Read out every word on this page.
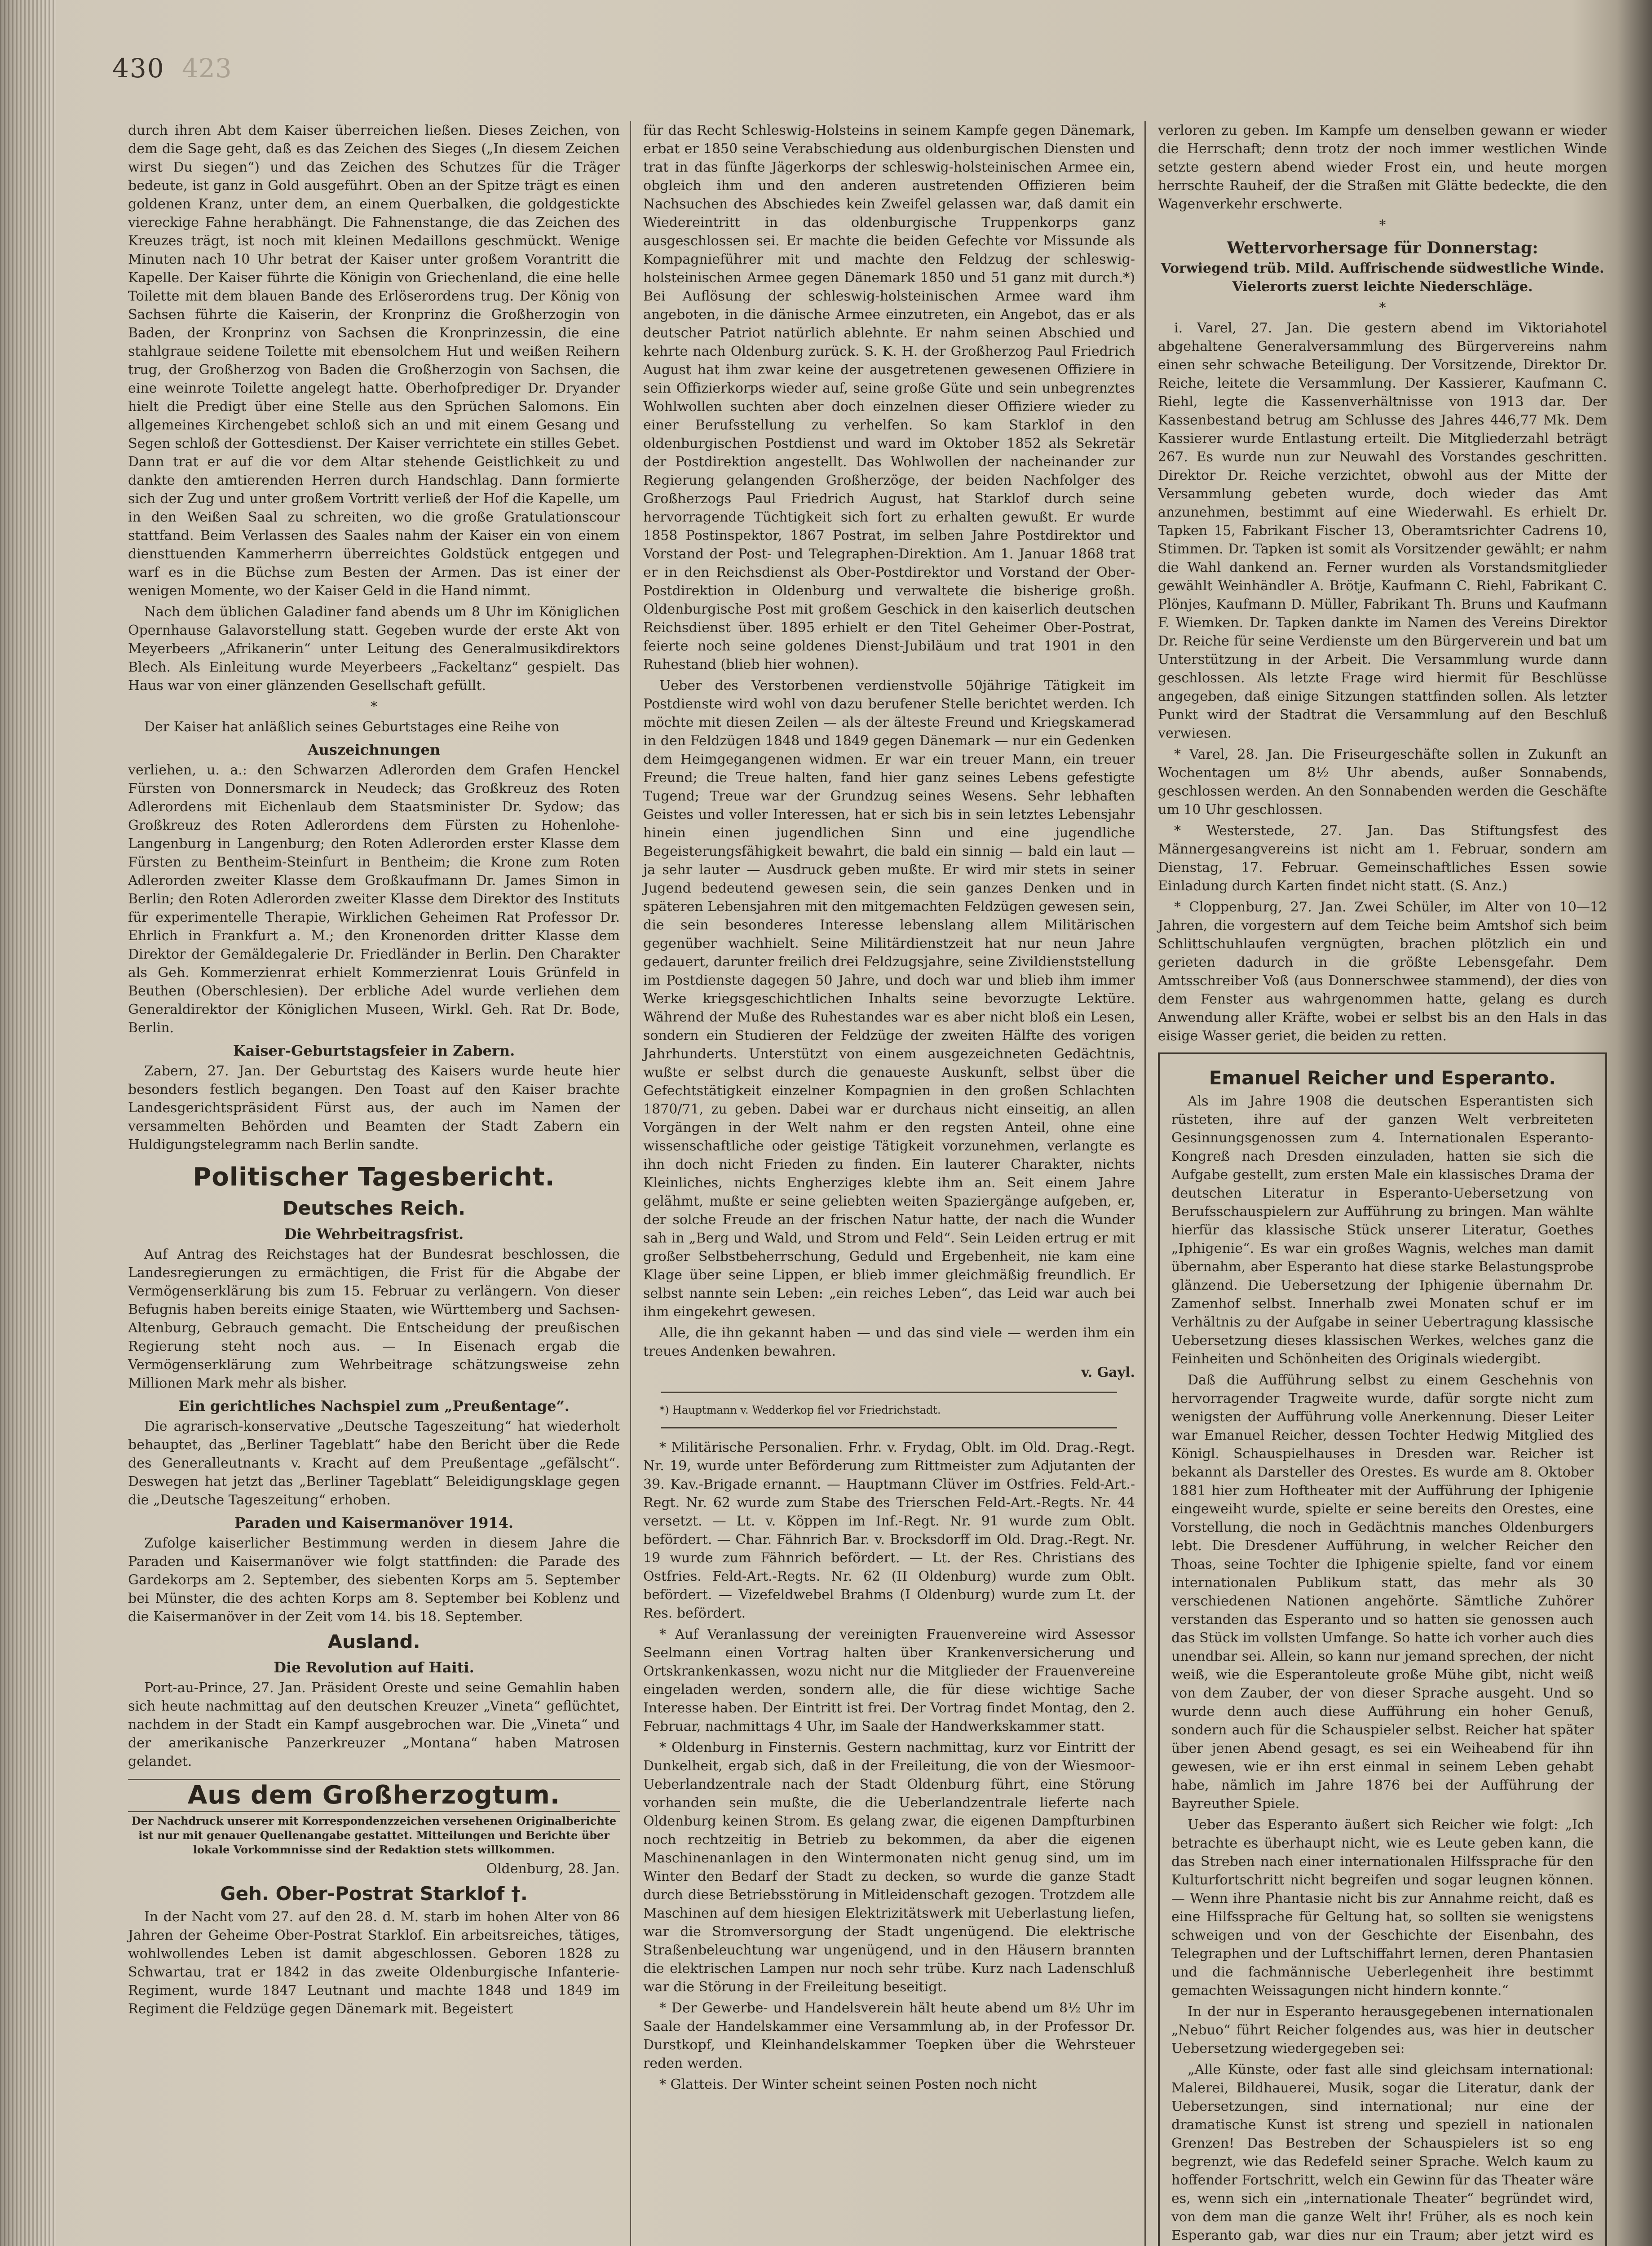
430 423

durch ihren Abt dem Kaiser überreichen ließen. Dieses Zeichen, von dem die Sage geht, daß es das Zeichen des Sieges („In diesem Zeichen wirst Du siegen“) und das Zeichen des Schutzes für die Träger bedeute, ist ganz in Gold ausgeführt. Oben an der Spitze trägt es einen goldenen Kranz, unter dem, an einem Querbalken, die goldgestickte viereckige Fahne herabhängt. Die Fahnenstange, die das Zeichen des Kreuzes trägt, ist noch mit kleinen Medaillons geschmückt. Wenige Minuten nach 10 Uhr betrat der Kaiser unter großem Vorantritt die Kapelle. Der Kaiser führte die Königin von Griechenland, die eine helle Toilette mit dem blauen Bande des Erlöserordens trug. Der König von Sachsen führte die Kaiserin, der Kronprinz die Großherzogin von Baden, der Kronprinz von Sachsen die Kronprinzessin, die eine stahlgraue seidene Toilette mit ebensolchem Hut und weißen Reihern trug, der Großherzog von Baden die Großherzogin von Sachsen, die eine weinrote Toilette angelegt hatte. Oberhofprediger Dr. Dryander hielt die Predigt über eine Stelle aus den Sprüchen Salomons. Ein allgemeines Kirchengebet schloß sich an und mit einem Gesang und Segen schloß der Gottesdienst. Der Kaiser verrichtete ein stilles Gebet. Dann trat er auf die vor dem Altar stehende Geistlichkeit zu und dankte den amtierenden Herren durch Handschlag. Dann formierte sich der Zug und unter großem Vortritt verließ der Hof die Kapelle, um in den Weißen Saal zu schreiten, wo die große Gratulationscour stattfand. Beim Verlassen des Saales nahm der Kaiser ein von einem diensttuenden Kammerherrn überreichtes Goldstück entgegen und warf es in die Büchse zum Besten der Armen. Das ist einer der wenigen Momente, wo der Kaiser Geld in die Hand nimmt.

Nach dem üblichen Galadiner fand abends um 8 Uhr im Königlichen Opernhause Galavorstellung statt. Gegeben wurde der erste Akt von Meyerbeers „Afrikanerin“ unter Leitung des Generalmusikdirektors Blech. Als Einleitung wurde Meyerbeers „Fackeltanz“ gespielt. Das Haus war von einer glänzenden Gesellschaft gefüllt.

*

Der Kaiser hat anläßlich seines Geburtstages eine Reihe von

Auszeichnungen

verliehen, u. a.: den Schwarzen Adlerorden dem Grafen Henckel Fürsten von Donnersmarck in Neudeck; das Großkreuz des Roten Adlerordens mit Eichenlaub dem Staatsminister Dr. Sydow; das Großkreuz des Roten Adlerordens dem Fürsten zu Hohenlohe-Langenburg in Langenburg; den Roten Adlerorden erster Klasse dem Fürsten zu Bentheim-Steinfurt in Bentheim; die Krone zum Roten Adlerorden zweiter Klasse dem Großkaufmann Dr. James Simon in Berlin; den Roten Adlerorden zweiter Klasse dem Direktor des Instituts für experimentelle Therapie, Wirklichen Geheimen Rat Professor Dr. Ehrlich in Frankfurt a. M.; den Kronenorden dritter Klasse dem Direktor der Gemäldegalerie Dr. Friedländer in Berlin. Den Charakter als Geh. Kommerzienrat erhielt Kommerzienrat Louis Grünfeld in Beuthen (Oberschlesien). Der erbliche Adel wurde verliehen dem Generaldirektor der Königlichen Museen, Wirkl. Geh. Rat Dr. Bode, Berlin.

Kaiser-Geburtstagsfeier in Zabern.

Zabern, 27. Jan. Der Geburtstag des Kaisers wurde heute hier besonders festlich begangen. Den Toast auf den Kaiser brachte Landesgerichtspräsident Fürst aus, der auch im Namen der versammelten Behörden und Beamten der Stadt Zabern ein Huldigungstelegramm nach Berlin sandte.

Politischer Tagesbericht.
Deutsches Reich.
Die Wehrbeitragsfrist.

Auf Antrag des Reichstages hat der Bundesrat beschlossen, die Landesregierungen zu ermächtigen, die Frist für die Abgabe der Vermögenserklärung bis zum 15. Februar zu verlängern. Von dieser Befugnis haben bereits einige Staaten, wie Württemberg und Sachsen-Altenburg, Gebrauch gemacht. Die Entscheidung der preußischen Regierung steht noch aus. — In Eisenach ergab die Vermögenserklärung zum Wehrbeitrage schätzungsweise zehn Millionen Mark mehr als bisher.

Ein gerichtliches Nachspiel zum „Preußentage“.

Die agrarisch-konservative „Deutsche Tageszeitung“ hat wiederholt behauptet, das „Berliner Tageblatt“ habe den Bericht über die Rede des Generalleutnants v. Kracht auf dem Preußentage „gefälscht“. Deswegen hat jetzt das „Berliner Tageblatt“ Beleidigungsklage gegen die „Deutsche Tageszeitung“ erhoben.

Paraden und Kaisermanöver 1914.

Zufolge kaiserlicher Bestimmung werden in diesem Jahre die Paraden und Kaisermanöver wie folgt stattfinden: die Parade des Gardekorps am 2. September, des siebenten Korps am 5. September bei Münster, die des achten Korps am 8. September bei Koblenz und die Kaisermanöver in der Zeit vom 14. bis 18. September.

Ausland.
Die Revolution auf Haiti.

Port-au-Prince, 27. Jan. Präsident Oreste und seine Gemahlin haben sich heute nachmittag auf den deutschen Kreuzer „Vineta“ geflüchtet, nachdem in der Stadt ein Kampf ausgebrochen war. Die „Vineta“ und der amerikanische Panzerkreuzer „Montana“ haben Matrosen gelandet.

Aus dem Großherzogtum.

Der Nachdruck unserer mit Korrespondenzzeichen versehenen Originalberichte ist nur mit genauer Quellenangabe gestattet. Mitteilungen und Berichte über lokale Vorkommnisse sind der Redaktion stets willkommen.

Oldenburg, 28. Jan.

Geh. Ober-Postrat Starklof †.

In der Nacht vom 27. auf den 28. d. M. starb im hohen Alter von 86 Jahren der Geheime Ober-Postrat Starklof. Ein arbeitsreiches, tätiges, wohlwollendes Leben ist damit abgeschlossen. Geboren 1828 zu Schwartau, trat er 1842 in das zweite Oldenburgische Infanterie-Regiment, wurde 1847 Leutnant und machte 1848 und 1849 im Regiment die Feldzüge gegen Dänemark mit. Begeistert

für das Recht Schleswig-Holsteins in seinem Kampfe gegen Dänemark, erbat er 1850 seine Verabschiedung aus oldenburgischen Diensten und trat in das fünfte Jägerkorps der schleswig-holsteinischen Armee ein, obgleich ihm und den anderen austretenden Offizieren beim Nachsuchen des Abschiedes kein Zweifel gelassen war, daß damit ein Wiedereintritt in das oldenburgische Truppenkorps ganz ausgeschlossen sei. Er machte die beiden Gefechte vor Missunde als Kompagnieführer mit und machte den Feldzug der schleswig-holsteinischen Armee gegen Dänemark 1850 und 51 ganz mit durch.*) Bei Auflösung der schleswig-holsteinischen Armee ward ihm angeboten, in die dänische Armee einzutreten, ein Angebot, das er als deutscher Patriot natürlich ablehnte. Er nahm seinen Abschied und kehrte nach Oldenburg zurück. S. K. H. der Großherzog Paul Friedrich August hat ihm zwar keine der ausgetretenen gewesenen Offiziere in sein Offizierkorps wieder auf, seine große Güte und sein unbegrenztes Wohlwollen suchten aber doch einzelnen dieser Offiziere wieder zu einer Berufsstellung zu verhelfen. So kam Starklof in den oldenburgischen Postdienst und ward im Oktober 1852 als Sekretär der Postdirektion angestellt. Das Wohlwollen der nacheinander zur Regierung gelangenden Großherzöge, der beiden Nachfolger des Großherzogs Paul Friedrich August, hat Starklof durch seine hervorragende Tüchtigkeit sich fort zu erhalten gewußt. Er wurde 1858 Postinspektor, 1867 Postrat, im selben Jahre Postdirektor und Vorstand der Post- und Telegraphen-Direktion. Am 1. Januar 1868 trat er in den Reichsdienst als Ober-Postdirektor und Vorstand der Ober-Postdirektion in Oldenburg und verwaltete die bisherige großh. Oldenburgische Post mit großem Geschick in den kaiserlich deutschen Reichsdienst über. 1895 erhielt er den Titel Geheimer Ober-Postrat, feierte noch seine goldenes Dienst-Jubiläum und trat 1901 in den Ruhestand (blieb hier wohnen).

Ueber des Verstorbenen verdienstvolle 50jährige Tätigkeit im Postdienste wird wohl von dazu berufener Stelle berichtet werden. Ich möchte mit diesen Zeilen — als der älteste Freund und Kriegskamerad in den Feldzügen 1848 und 1849 gegen Dänemark — nur ein Gedenken dem Heimgegangenen widmen. Er war ein treuer Mann, ein treuer Freund; die Treue halten, fand hier ganz seines Lebens gefestigte Tugend; Treue war der Grundzug seines Wesens. Sehr lebhaften Geistes und voller Interessen, hat er sich bis in sein letztes Lebensjahr hinein einen jugendlichen Sinn und eine jugendliche Begeisterungsfähigkeit bewahrt, die bald ein sinnig — bald ein laut — ja sehr lauter — Ausdruck geben mußte. Er wird mir stets in seiner Jugend bedeutend gewesen sein, die sein ganzes Denken und in späteren Lebensjahren mit den mitgemachten Feldzügen gewesen sein, die sein besonderes Interesse lebenslang allem Militärischen gegenüber wachhielt. Seine Militärdienstzeit hat nur neun Jahre gedauert, darunter freilich drei Feldzugsjahre, seine Zivildienststellung im Postdienste dagegen 50 Jahre, und doch war und blieb ihm immer Werke kriegsgeschichtlichen Inhalts seine bevorzugte Lektüre. Während der Muße des Ruhestandes war es aber nicht bloß ein Lesen, sondern ein Studieren der Feldzüge der zweiten Hälfte des vorigen Jahrhunderts. Unterstützt von einem ausgezeichneten Gedächtnis, wußte er selbst durch die genaueste Auskunft, selbst über die Gefechtstätigkeit einzelner Kompagnien in den großen Schlachten 1870/71, zu geben. Dabei war er durchaus nicht einseitig, an allen Vorgängen in der Welt nahm er den regsten Anteil, ohne eine wissenschaftliche oder geistige Tätigkeit vorzunehmen, verlangte es ihn doch nicht Frieden zu finden. Ein lauterer Charakter, nichts Kleinliches, nichts Engherziges klebte ihm an. Seit einem Jahre gelähmt, mußte er seine geliebten weiten Spaziergänge aufgeben, er, der solche Freude an der frischen Natur hatte, der nach die Wunder sah in „Berg und Wald, und Strom und Feld“. Sein Leiden ertrug er mit großer Selbstbeherrschung, Geduld und Ergebenheit, nie kam eine Klage über seine Lippen, er blieb immer gleichmäßig freundlich. Er selbst nannte sein Leben: „ein reiches Leben“, das Leid war auch bei ihm eingekehrt gewesen.

Alle, die ihn gekannt haben — und das sind viele — werden ihm ein treues Andenken bewahren.

v. Gayl.

*) Hauptmann v. Wedderkop fiel vor Friedrichstadt.

* Militärische Personalien. Frhr. v. Frydag, Oblt. im Old. Drag.-Regt. Nr. 19, wurde unter Beförderung zum Rittmeister zum Adjutanten der 39. Kav.-Brigade ernannt. — Hauptmann Clüver im Ostfries. Feld-Art.-Regt. Nr. 62 wurde zum Stabe des Trierschen Feld-Art.-Regts. Nr. 44 versetzt. — Lt. v. Köppen im Inf.-Regt. Nr. 91 wurde zum Oblt. befördert. — Char. Fähnrich Bar. v. Brocksdorff im Old. Drag.-Regt. Nr. 19 wurde zum Fähnrich befördert. — Lt. der Res. Christians des Ostfries. Feld-Art.-Regts. Nr. 62 (II Oldenburg) wurde zum Oblt. befördert. — Vizefeldwebel Brahms (I Oldenburg) wurde zum Lt. der Res. befördert.

* Auf Veranlassung der vereinigten Frauenvereine wird Assessor Seelmann einen Vortrag halten über Krankenversicherung und Ortskrankenkassen, wozu nicht nur die Mitglieder der Frauenvereine eingeladen werden, sondern alle, die für diese wichtige Sache Interesse haben. Der Eintritt ist frei. Der Vortrag findet Montag, den 2. Februar, nachmittags 4 Uhr, im Saale der Handwerkskammer statt.

* Oldenburg in Finsternis. Gestern nachmittag, kurz vor Eintritt der Dunkelheit, ergab sich, daß in der Freileitung, die von der Wiesmoor-Ueberlandzentrale nach der Stadt Oldenburg führt, eine Störung vorhanden sein mußte, die die Ueberlandzentrale lieferte nach Oldenburg keinen Strom. Es gelang zwar, die eigenen Dampfturbinen noch rechtzeitig in Betrieb zu bekommen, da aber die eigenen Maschinenanlagen in den Wintermonaten nicht genug sind, um im Winter den Bedarf der Stadt zu decken, so wurde die ganze Stadt durch diese Betriebsstörung in Mitleidenschaft gezogen. Trotzdem alle Maschinen auf dem hiesigen Elektrizitätswerk mit Ueberlastung liefen, war die Stromversorgung der Stadt ungenügend. Die elektrische Straßenbeleuchtung war ungenügend, und in den Häusern brannten die elektrischen Lampen nur noch sehr trübe. Kurz nach Ladenschluß war die Störung in der Freileitung beseitigt.

* Der Gewerbe- und Handelsverein hält heute abend um 8½ Uhr im Saale der Handelskammer eine Versammlung ab, in der Professor Dr. Durstkopf, und Kleinhandelskammer Toepken über die Wehrsteuer reden werden.

* Glatteis. Der Winter scheint seinen Posten noch nicht

verloren zu geben. Im Kampfe um denselben gewann er wieder die Herrschaft; denn trotz der noch immer westlichen Winde setzte gestern abend wieder Frost ein, und heute morgen herrschte Rauheif, der die Straßen mit Glätte bedeckte, die den Wagenverkehr erschwerte.

*
Wettervorhersage für Donnerstag:

Vorwiegend trüb. Mild. Auffrischende südwestliche Winde. Vielerorts zuerst leichte Niederschläge.

*

i. Varel, 27. Jan. Die gestern abend im Viktoriahotel abgehaltene Generalversammlung des Bürgervereins nahm einen sehr schwache Beteiligung. Der Vorsitzende, Direktor Dr. Reiche, leitete die Versammlung. Der Kassierer, Kaufmann C. Riehl, legte die Kassenverhältnisse von 1913 dar. Der Kassenbestand betrug am Schlusse des Jahres 446,77 Mk. Dem Kassierer wurde Entlastung erteilt. Die Mitgliederzahl beträgt 267. Es wurde nun zur Neuwahl des Vorstandes geschritten. Direktor Dr. Reiche verzichtet, obwohl aus der Mitte der Versammlung gebeten wurde, doch wieder das Amt anzunehmen, bestimmt auf eine Wiederwahl. Es erhielt Dr. Tapken 15, Fabrikant Fischer 13, Oberamtsrichter Cadrens 10, Stimmen. Dr. Tapken ist somit als Vorsitzender gewählt; er nahm die Wahl dankend an. Ferner wurden als Vorstandsmitglieder gewählt Weinhändler A. Brötje, Kaufmann C. Riehl, Fabrikant C. Plönjes, Kaufmann D. Müller, Fabrikant Th. Bruns und Kaufmann F. Wiemken. Dr. Tapken dankte im Namen des Vereins Direktor Dr. Reiche für seine Verdienste um den Bürgerverein und bat um Unterstützung in der Arbeit. Die Versammlung wurde dann geschlossen. Als letzte Frage wird hiermit für Beschlüsse angegeben, daß einige Sitzungen stattfinden sollen. Als letzter Punkt wird der Stadtrat die Versammlung auf den Beschluß verwiesen.

* Varel, 28. Jan. Die Friseurgeschäfte sollen in Zukunft an Wochentagen um 8½ Uhr abends, außer Sonnabends, geschlossen werden. An den Sonnabenden werden die Geschäfte um 10 Uhr geschlossen.

* Westerstede, 27. Jan. Das Stiftungsfest des Männergesangvereins ist nicht am 1. Februar, sondern am Dienstag, 17. Februar. Gemeinschaftliches Essen sowie Einladung durch Karten findet nicht statt. (S. Anz.)

* Cloppenburg, 27. Jan. Zwei Schüler, im Alter von 10—12 Jahren, die vorgestern auf dem Teiche beim Amtshof sich beim Schlittschuhlaufen vergnügten, brachen plötzlich ein und gerieten dadurch in die größte Lebensgefahr. Dem Amtsschreiber Voß (aus Donnerschwee stammend), der dies von dem Fenster aus wahrgenommen hatte, gelang es durch Anwendung aller Kräfte, wobei er selbst bis an den Hals in das eisige Wasser geriet, die beiden zu retten.

Emanuel Reicher und Esperanto.

Als im Jahre 1908 die deutschen Esperantisten sich rüsteten, ihre auf der ganzen Welt verbreiteten Gesinnungsgenossen zum 4. Internationalen Esperanto-Kongreß nach Dresden einzuladen, hatten sie sich die Aufgabe gestellt, zum ersten Male ein klassisches Drama der deutschen Literatur in Esperanto-Uebersetzung von Berufsschauspielern zur Aufführung zu bringen. Man wählte hierfür das klassische Stück unserer Literatur, Goethes „Iphigenie“. Es war ein großes Wagnis, welches man damit übernahm, aber Esperanto hat diese starke Belastungsprobe glänzend. Die Uebersetzung der Iphigenie übernahm Dr. Zamenhof selbst. Innerhalb zwei Monaten schuf er im Verhältnis zu der Aufgabe in seiner Uebertragung klassische Uebersetzung dieses klassischen Werkes, welches ganz die Feinheiten und Schönheiten des Originals wiedergibt.

Daß die Aufführung selbst zu einem Geschehnis von hervorragender Tragweite wurde, dafür sorgte nicht zum wenigsten der Aufführung volle Anerkennung. Dieser Leiter war Emanuel Reicher, dessen Tochter Hedwig Mitglied des Königl. Schauspielhauses in Dresden war. Reicher ist bekannt als Darsteller des Orestes. Es wurde am 8. Oktober 1881 hier zum Hoftheater mit der Aufführung der Iphigenie eingeweiht wurde, spielte er seine bereits den Orestes, eine Vorstellung, die noch in Gedächtnis manches Oldenburgers lebt. Die Dresdener Aufführung, in welcher Reicher den Thoas, seine Tochter die Iphigenie spielte, fand vor einem internationalen Publikum statt, das mehr als 30 verschiedenen Nationen angehörte. Sämtliche Zuhörer verstanden das Esperanto und so hatten sie genossen auch das Stück im vollsten Umfange. So hatte ich vorher auch dies unendbar sei. Allein, so kann nur jemand sprechen, der nicht weiß, wie die Esperantoleute große Mühe gibt, nicht weiß von dem Zauber, der von dieser Sprache ausgeht. Und so wurde denn auch diese Aufführung ein hoher Genuß, sondern auch für die Schauspieler selbst. Reicher hat später über jenen Abend gesagt, es sei ein Weiheabend für ihn gewesen, wie er ihn erst einmal in seinem Leben gehabt habe, nämlich im Jahre 1876 bei der Aufführung der Bayreuther Spiele.

Ueber das Esperanto äußert sich Reicher wie folgt: „Ich betrachte es überhaupt nicht, wie es Leute geben kann, die das Streben nach einer internationalen Hilfssprache für den Kulturfortschritt nicht begreifen und sogar leugnen können. — Wenn ihre Phantasie nicht bis zur Annahme reicht, daß es eine Hilfssprache für Geltung hat, so sollten sie wenigstens schweigen und von der Geschichte der Eisenbahn, des Telegraphen und der Luftschiffahrt lernen, deren Phantasien und die fachmännische Ueberlegenheit ihre bestimmt gemachten Weissagungen nicht hindern konnte.“

In der nur in Esperanto herausgegebenen internationalen „Nebuo“ führt Reicher folgendes aus, was hier in deutscher Uebersetzung wiedergegeben sei:

„Alle Künste, oder fast alle sind gleichsam international: Malerei, Bildhauerei, Musik, sogar die Literatur, dank der Uebersetzungen, sind international; nur eine der dramatische Kunst ist streng und speziell in nationalen Grenzen! Das Bestreben der Schauspielers ist so eng begrenzt, wie das Redefeld seiner Sprache. Welch kaum zu hoffender Fortschritt, welch ein Gewinn für das Theater wäre es, wenn sich ein „internationale Theater“ begründet wird, von dem man die ganze Welt ihr! Früher, als es noch kein Esperanto gab, war dies nur ein Traum; aber jetzt wird es
